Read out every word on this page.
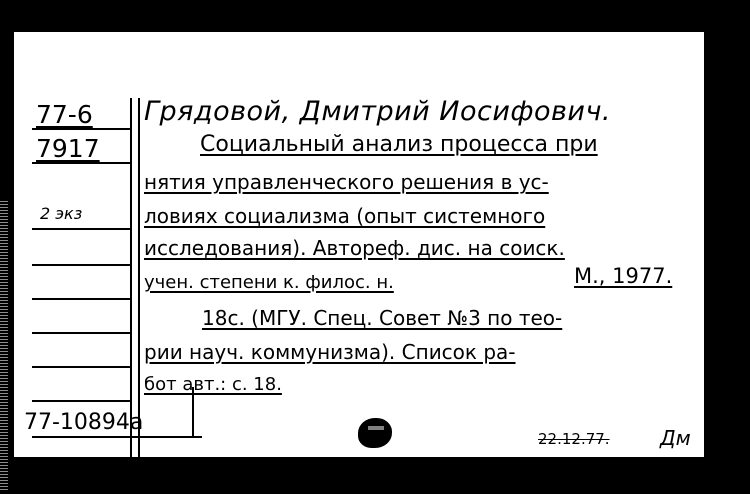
77-6
7917
2 экз
77-10894а
Грядовой, Дмитрий Иосифович.
Социальный анализ процесса при
нятия управленческого решения в ус-
ловиях социализма (опыт системного
исследования). Автореф. дис. на соиск.
учен. степени к. филос. н.	М., 1977.
18с. (МГУ. Спец. Совет №3 по тео-
рии науч. коммунизма). Список ра-
бот авт.: с. 18.
22.12.77.	Дм
